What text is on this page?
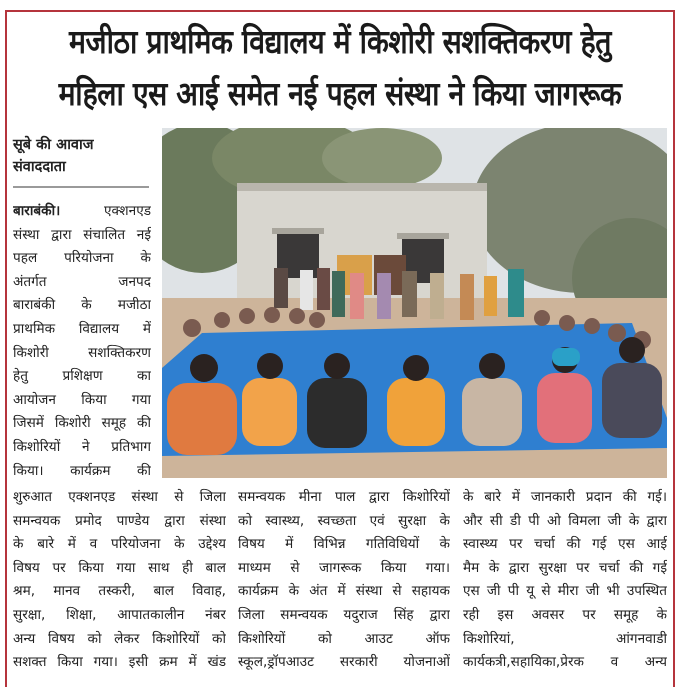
मजीठा प्राथमिक विद्यालय में किशोरी सशक्तिकरण हेतु
महिला एस आई समेत नई पहल संस्था ने किया जागरूक
सूबे की आवाज
संवाददाता
बाराबंकी।	एक्शनएड
संस्था द्वारा संचालित नई
पहल परियोजना के
अंतर्गत जनपद
बाराबंकी के मजीठा
प्राथमिक विद्यालय में
किशोरी सशक्तिकरण
हेतु प्रशिक्षण का
आयोजन किया गया
जिसमें किशोरी समूह की
किशोरियों ने प्रतिभाग
किया। कार्यक्रम की
शुरुआत एक्शनएड संस्था से जिला
समन्वयक प्रमोद पाण्डेय द्वारा संस्था
के बारे में व परियोजना के उद्देश्य
विषय पर किया गया साथ ही बाल
श्रम, मानव तस्करी, बाल विवाह,
सुरक्षा, शिक्षा, आपातकालीन नंबर
अन्य विषय को लेकर किशोरियों को
सशक्त किया गया। इसी क्रम में खंड
समन्वयक मीना पाल द्वारा किशोरियों
को स्वास्थ्य, स्वच्छता एवं सुरक्षा के
विषय में विभिन्न गतिविधियों के
माध्यम से जागरूक किया गया।
कार्यक्रम के अंत में संस्था से सहायक
जिला समन्वयक यदुराज सिंह द्वारा
किशोरियों को आउट ऑफ
स्कूल,ड्रॉपआउट सरकारी योजनाओं
के बारे में जानकारी प्रदान की गई।
और सी डी पी ओ विमला जी के द्वारा
स्वास्थ्य पर चर्चा की गई एस आई
मैम के द्वारा सुरक्षा पर चर्चा की गई
एस जी पी यू से मीरा जी भी उपस्थित
रही इस अवसर पर समूह के
किशोरियां, आंगनवाडी
कार्यकत्री,सहायिका,प्रेरक व अन्य
